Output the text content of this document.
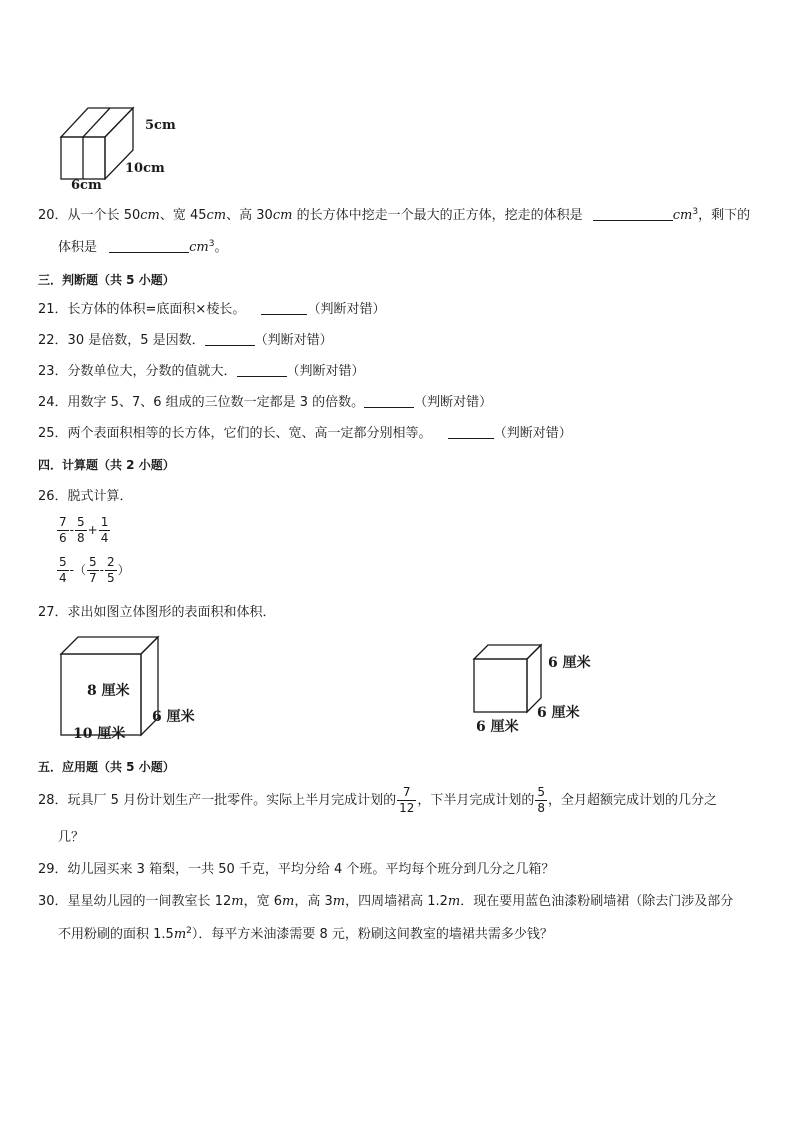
5cm
10cm
6cm
20．从一个长 50cm、宽 45cm、高 30cm 的长方体中挖走一个最大的正方体，挖走的体积是	$cm^3$，剩下的
体积是	$cm^3$。
三．判断题（共 5 小题）
21．长方体的体积=底面积×棱长。	（判断对错）
22．30 是倍数，5 是因数．	（判断对错）
23．分数单位大，分数的值就大．	（判断对错）
24．用数字 5、7、6 组成的三位数一定都是 3 的倍数。	（判断对错）
25．两个表面积相等的长方体，它们的长、宽、高一定都分别相等。	（判断对错）
四．计算题（共 2 小题）
26．脱式计算．
$\frac{7}{6} - \frac{5}{8} + \frac{1}{4}$
$\frac{5}{4}$ -（ $\frac{5}{7} - \frac{2}{5}$ ）
27．求出如图立体图形的表面积和体积．
8 厘米
6 厘米
10 厘米
6 厘米
6 厘米
6 厘米
五．应用题（共 5 小题）
28．玩具厂 5 月份计划生产一批零件。实际上半月完成计划的 $\frac{7}{12}$ ，下半月完成计划的 $\frac{5}{8}$ ，全月超额完成计划的几分之
几？
29．幼儿园买来 3 箱梨，一共 50 千克，平均分给 4 个班。平均每个班分到几分之几箱？
30．星星幼儿园的一间教室长 12m，宽 6m，高 3m，四周墙裙高 1.2m．现在要用蓝色油漆粉刷墙裙（除去门涉及部分
不用粉刷的面积 $1.5m^2$）．每平方米油漆需要 8 元，粉刷这间教室的墙裙共需多少钱？
